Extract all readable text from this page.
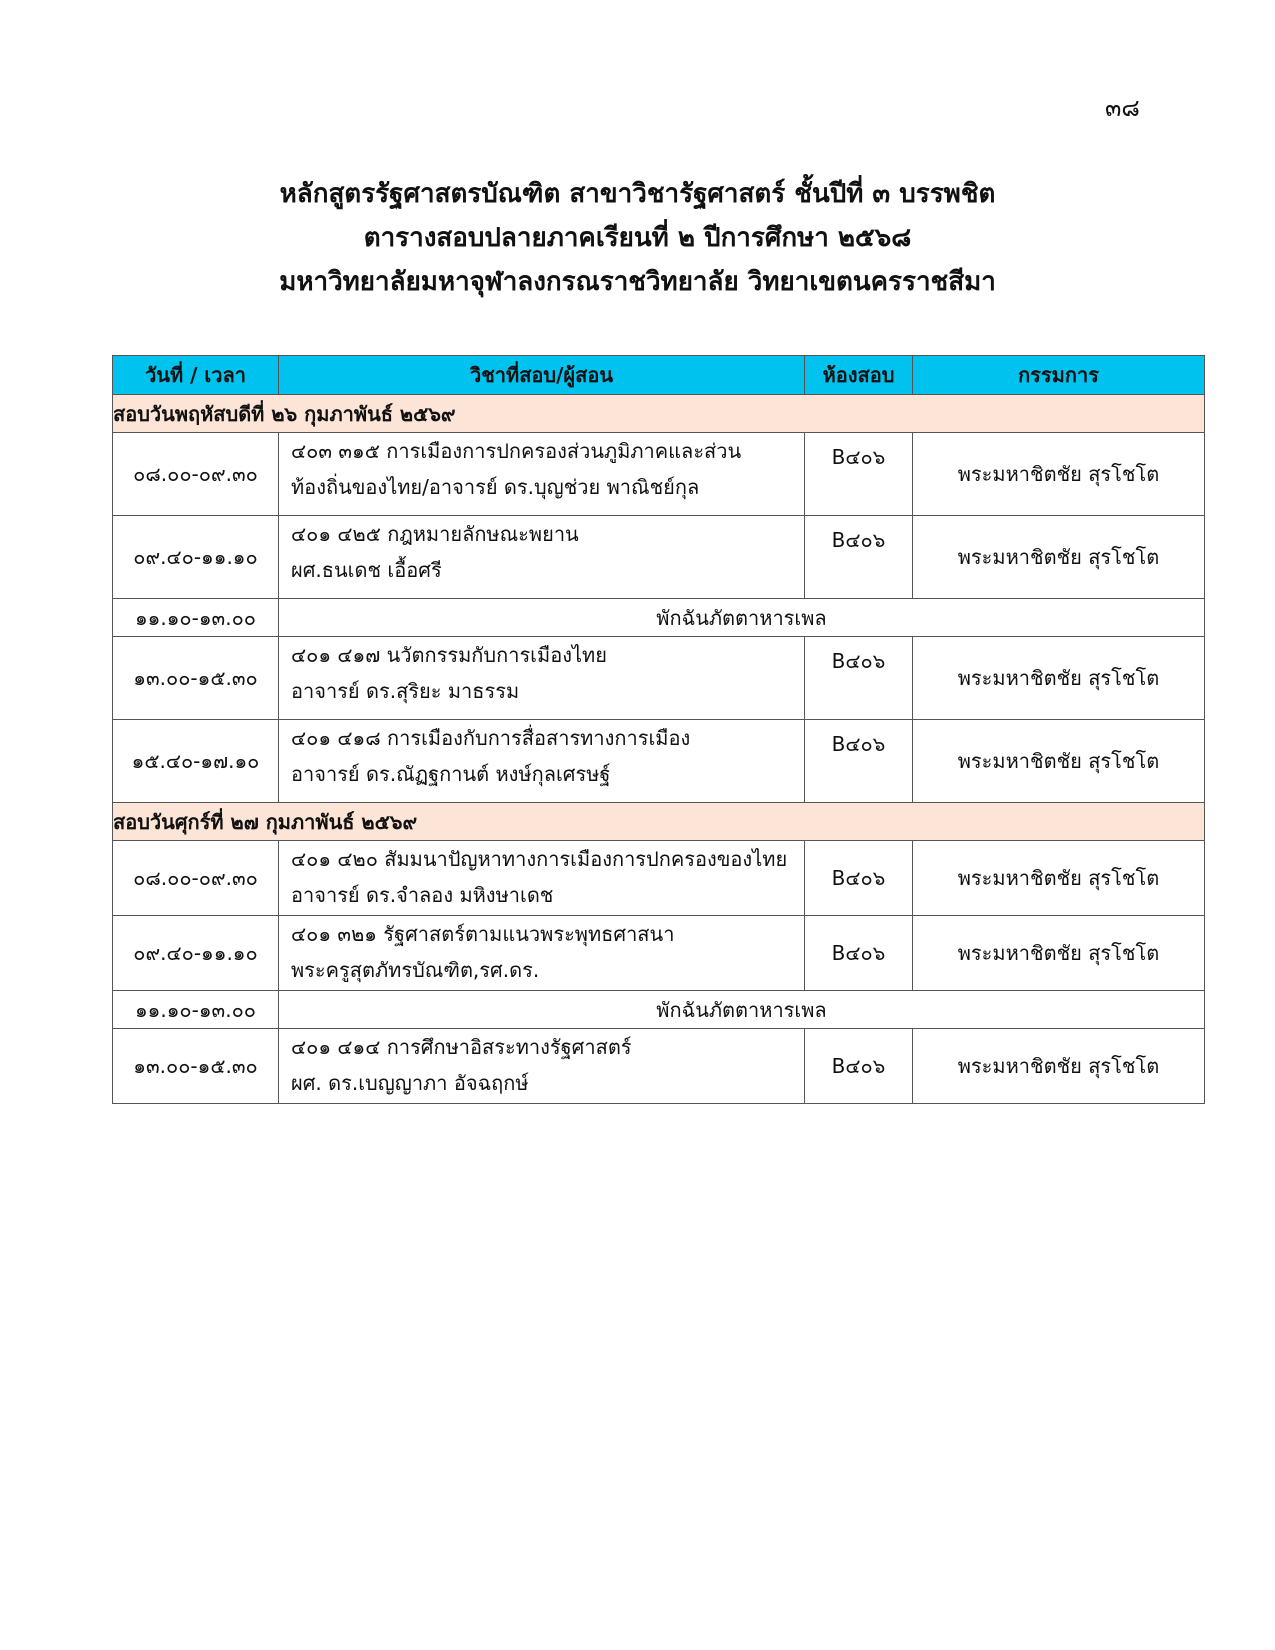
๓๘
หลักสูตรรัฐศาสตรบัณฑิต สาขาวิชารัฐศาสตร์ ชั้นปีที่ ๓ บรรพชิต
ตารางสอบปลายภาคเรียนที่ ๒ ปีการศึกษา ๒๕๖๘
มหาวิทยาลัยมหาจุฬาลงกรณราชวิทยาลัย วิทยาเขตนครราชสีมา
วันที่ / เวลา	วิชาที่สอบ/ผู้สอน	ห้องสอบ	กรรมการ
สอบวันพฤหัสบดีที่ ๒๖ กุมภาพันธ์ ๒๕๖๙			
๐๘.๐๐-๐๙.๓๐	๔๐๓ ๓๑๕ การเมืองการปกครองส่วนภูมิภาคและส่วน
ท้องถิ่นของไทย/อาจารย์ ดร.บุญช่วย พาณิชย์กุล	B๔๐๖	พระมหาชิตชัย สุรโชโต
๐๙.๔๐-๑๑.๑๐	๔๐๑ ๔๒๕ กฎหมายลักษณะพยาน
ผศ.ธนเดช เอื้อศรี	B๔๐๖	พระมหาชิตชัย สุรโชโต
๑๑.๑๐-๑๓.๐๐	พักฉันภัตตาหารเพล		
๑๓.๐๐-๑๕.๓๐	๔๐๑ ๔๑๗ นวัตกรรมกับการเมืองไทย
อาจารย์ ดร.สุริยะ มาธรรม	B๔๐๖	พระมหาชิตชัย สุรโชโต
๑๕.๔๐-๑๗.๑๐	๔๐๑ ๔๑๘ การเมืองกับการสื่อสารทางการเมือง
อาจารย์ ดร.ณัฏฐกานต์ หงษ์กุลเศรษฐ์	B๔๐๖	พระมหาชิตชัย สุรโชโต
สอบวันศุกร์ที่ ๒๗ กุมภาพันธ์ ๒๕๖๙			
๐๘.๐๐-๐๙.๓๐	๔๐๑ ๔๒๐ สัมมนาปัญหาทางการเมืองการปกครองของไทย
อาจารย์ ดร.จำลอง มหิงษาเดช	B๔๐๖	พระมหาชิตชัย สุรโชโต
๐๙.๔๐-๑๑.๑๐	๔๐๑ ๓๒๑ รัฐศาสตร์ตามแนวพระพุทธศาสนา
พระครูสุตภัทรบัณฑิต,รศ.ดร.	B๔๐๖	พระมหาชิตชัย สุรโชโต
๑๑.๑๐-๑๓.๐๐	พักฉันภัตตาหารเพล		
๑๓.๐๐-๑๕.๓๐	๔๐๑ ๔๑๔ การศึกษาอิสระทางรัฐศาสตร์
ผศ. ดร.เบญญาภา อัจฉฤกษ์	B๔๐๖	พระมหาชิตชัย สุรโชโต
